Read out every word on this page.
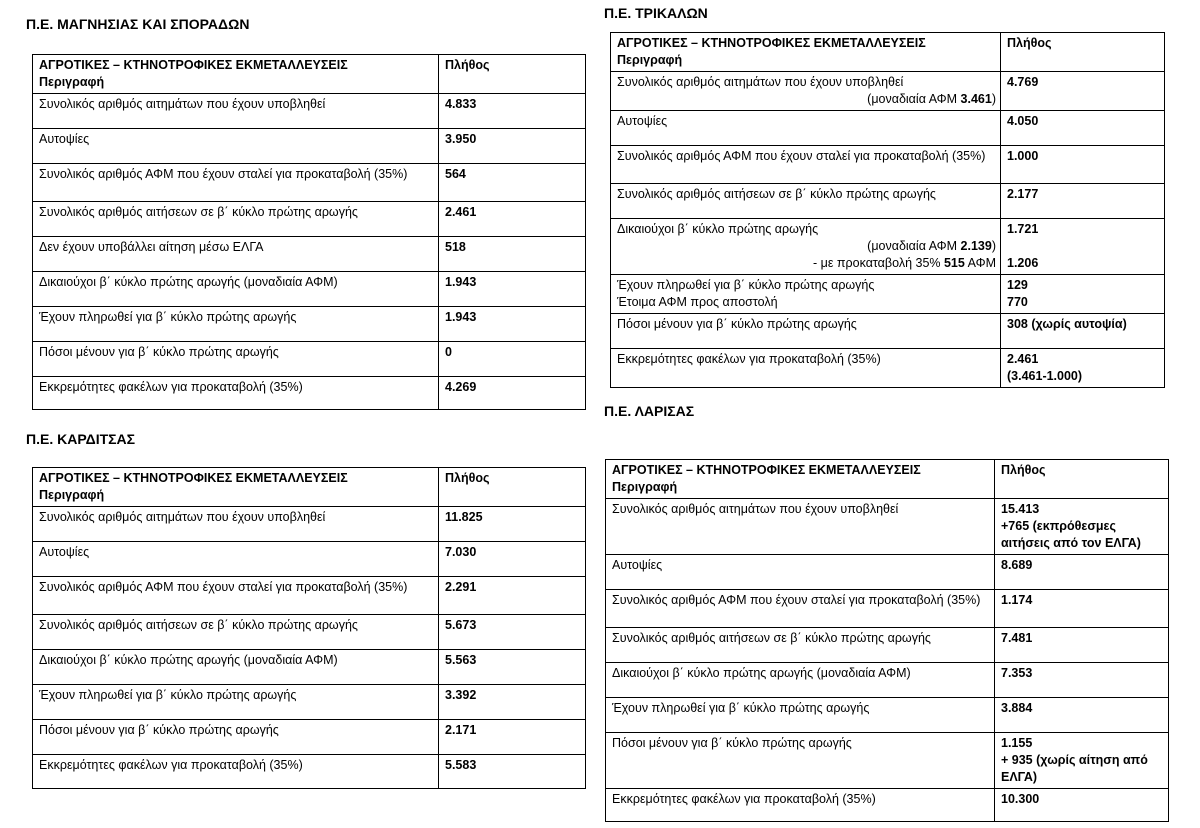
Π.Ε. ΜΑΓΝΗΣΙΑΣ ΚΑΙ ΣΠΟΡΑΔΩΝ
ΑΓΡΟΤΙΚΕΣ – ΚΤΗΝΟΤΡΟΦΙΚΕΣ ΕΚΜΕΤΑΛΛΕΥΣΕΙΣ
Περιγραφή	Πλήθος
Συνολικός αριθμός αιτημάτων που έχουν υποβληθεί	4.833
Αυτοψίες	3.950
Συνολικός αριθμός ΑΦΜ που έχουν σταλεί για προκαταβολή (35%)	564
Συνολικός αριθμός αιτήσεων σε β΄ κύκλο πρώτης αρωγής	2.461
Δεν έχουν υποβάλλει αίτηση μέσω ΕΛΓΑ	518
Δικαιούχοι β΄ κύκλο πρώτης αρωγής (μοναδιαία ΑΦΜ)	1.943
Έχουν πληρωθεί για β΄ κύκλο πρώτης αρωγής	1.943
Πόσοι μένουν για β΄ κύκλο πρώτης αρωγής	0
Εκκρεμότητες φακέλων για προκαταβολή (35%)	4.269
Π.Ε. ΚΑΡΔΙΤΣΑΣ
ΑΓΡΟΤΙΚΕΣ – ΚΤΗΝΟΤΡΟΦΙΚΕΣ ΕΚΜΕΤΑΛΛΕΥΣΕΙΣ
Περιγραφή	Πλήθος
Συνολικός αριθμός αιτημάτων που έχουν υποβληθεί	11.825
Αυτοψίες	7.030
Συνολικός αριθμός ΑΦΜ που έχουν σταλεί για προκαταβολή (35%)	2.291
Συνολικός αριθμός αιτήσεων σε β΄ κύκλο πρώτης αρωγής	5.673
Δικαιούχοι β΄ κύκλο πρώτης αρωγής (μοναδιαία ΑΦΜ)	5.563
Έχουν πληρωθεί για β΄ κύκλο πρώτης αρωγής	3.392
Πόσοι μένουν για β΄ κύκλο πρώτης αρωγής	2.171
Εκκρεμότητες φακέλων για προκαταβολή (35%)	5.583
Π.Ε. ΤΡΙΚΑΛΩΝ
ΑΓΡΟΤΙΚΕΣ – ΚΤΗΝΟΤΡΟΦΙΚΕΣ ΕΚΜΕΤΑΛΛΕΥΣΕΙΣ
Περιγραφή	Πλήθος

Συνολικός αριθμός αιτημάτων που έχουν υποβληθεί
(μοναδιαία ΑΦΜ 3.461)	4.769
Αυτοψίες	4.050
Συνολικός αριθμός ΑΦΜ που έχουν σταλεί για προκαταβολή (35%)	1.000
Συνολικός αριθμός αιτήσεων σε β΄ κύκλο πρώτης αρωγής	2.177

Δικαιούχοι β΄ κύκλο πρώτης αρωγής
(μοναδιαία ΑΦΜ 2.139)
- με προκαταβολή 35% 515 ΑΦΜ	1.721

1.206

Έχουν πληρωθεί για β΄ κύκλο πρώτης αρωγής
Έτοιμα ΑΦΜ προς αποστολή	129
770

Πόσοι μένουν για β΄ κύκλο πρώτης αρωγής	308 (χωρίς αυτοψία)
Εκκρεμότητες φακέλων για προκαταβολή (35%)	2.461
(3.461-1.000)
Π.Ε. ΛΑΡΙΣΑΣ
ΑΓΡΟΤΙΚΕΣ – ΚΤΗΝΟΤΡΟΦΙΚΕΣ ΕΚΜΕΤΑΛΛΕΥΣΕΙΣ
Περιγραφή	Πλήθος
Συνολικός αριθμός αιτημάτων που έχουν υποβληθεί	15.413
+765 (εκπρόθεσμες αιτήσεις από τον ΕΛΓΑ)

Αυτοψίες	8.689
Συνολικός αριθμός ΑΦΜ που έχουν σταλεί για προκαταβολή (35%)	1.174
Συνολικός αριθμός αιτήσεων σε β΄ κύκλο πρώτης αρωγής	7.481
Δικαιούχοι β΄ κύκλο πρώτης αρωγής (μοναδιαία ΑΦΜ)	7.353
Έχουν πληρωθεί για β΄ κύκλο πρώτης αρωγής	3.884
Πόσοι μένουν για β΄ κύκλο πρώτης αρωγής	1.155
+ 935 (χωρίς αίτηση από ΕΛΓΑ)

Εκκρεμότητες φακέλων για προκαταβολή (35%)	10.300
